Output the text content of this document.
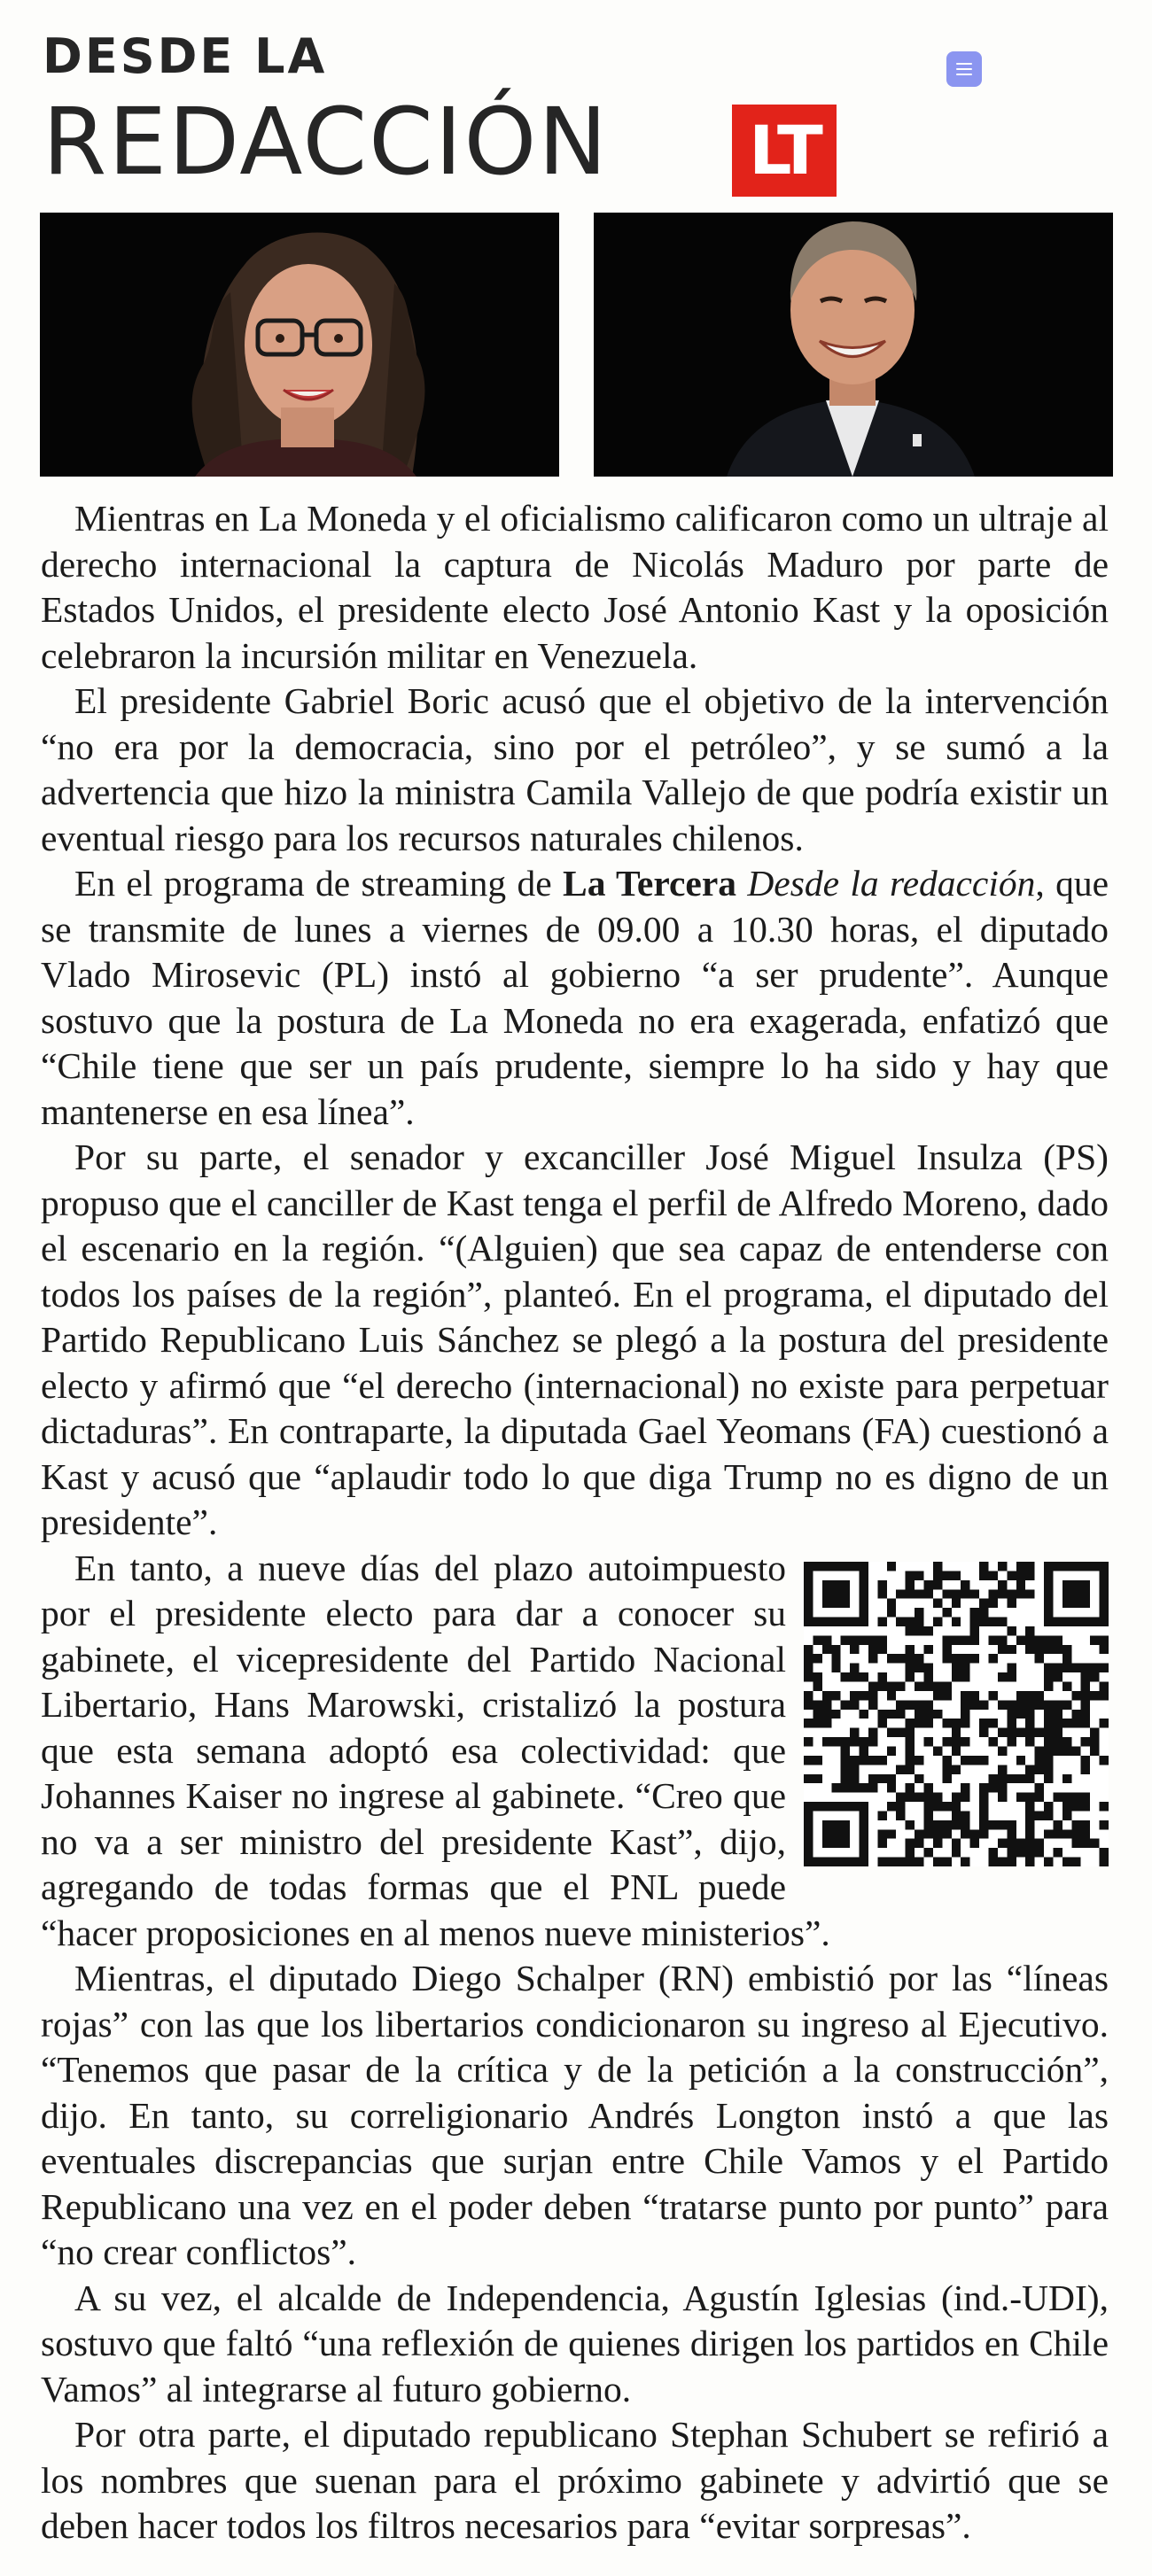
DESDE LA
REDACCIÓN LT

Mientras en La Moneda y el oficialismo calificaron como un ultraje al derecho internacional la captura de Nicolás Maduro por parte de Estados Unidos, el presidente electo José Antonio Kast y la oposición celebraron la incursión militar en Venezuela.

El presidente Gabriel Boric acusó que el objetivo de la intervención “no era por la democracia, sino por el petróleo”, y se sumó a la advertencia que hizo la ministra Camila Vallejo de que podría existir un eventual riesgo para los recursos naturales chilenos.

En el programa de streaming de La Tercera Desde la redacción, que se transmite de lunes a viernes de 09.00 a 10.30 horas, el diputado Vlado Mirosevic (PL) instó al gobierno “a ser prudente”. Aunque sostuvo que la postura de La Moneda no era exagerada, enfatizó que “Chile tiene que ser un país prudente, siempre lo ha sido y hay que mantenerse en esa línea”.

Por su parte, el senador y excanciller José Miguel Insulza (PS) propuso que el canciller de Kast tenga el perfil de Alfredo Moreno, dado el escenario en la región. “(Alguien) que sea capaz de entenderse con todos los países de la región”, planteó. En el programa, el diputado del Partido Republicano Luis Sánchez se plegó a la postura del presidente electo y afirmó que “el derecho (internacional) no existe para perpetuar dictaduras”. En contraparte, la diputada Gael Yeomans (FA) cuestionó a Kast y acusó que “aplaudir todo lo que diga Trump no es digno de un presidente”.

En tanto, a nueve días del plazo autoimpuesto por el presidente electo para dar a conocer su gabinete, el vicepresidente del Partido Nacional Libertario, Hans Marowski, cristalizó la postura que esta semana adoptó esa colectividad: que Johannes Kaiser no ingrese al gabinete. “Creo que no va a ser ministro del presidente Kast”, dijo, agregando de todas formas que el PNL puede “hacer proposiciones en al menos nueve ministerios”.

Mientras, el diputado Diego Schalper (RN) embistió por las “líneas rojas” con las que los libertarios condicionaron su ingreso al Ejecutivo. “Tenemos que pasar de la crítica y de la petición a la construcción”, dijo. En tanto, su correligionario Andrés Longton instó a que las eventuales discrepancias que surjan entre Chile Vamos y el Partido Republicano una vez en el poder deben “tratarse punto por punto” para “no crear conflictos”.

A su vez, el alcalde de Independencia, Agustín Iglesias (ind.-UDI), sostuvo que faltó “una reflexión de quienes dirigen los partidos en Chile Vamos” al integrarse al futuro gobierno.

Por otra parte, el diputado republicano Stephan Schubert se refirió a los nombres que suenan para el próximo gabinete y advirtió que se deben hacer todos los filtros necesarios para “evitar sorpresas”.
